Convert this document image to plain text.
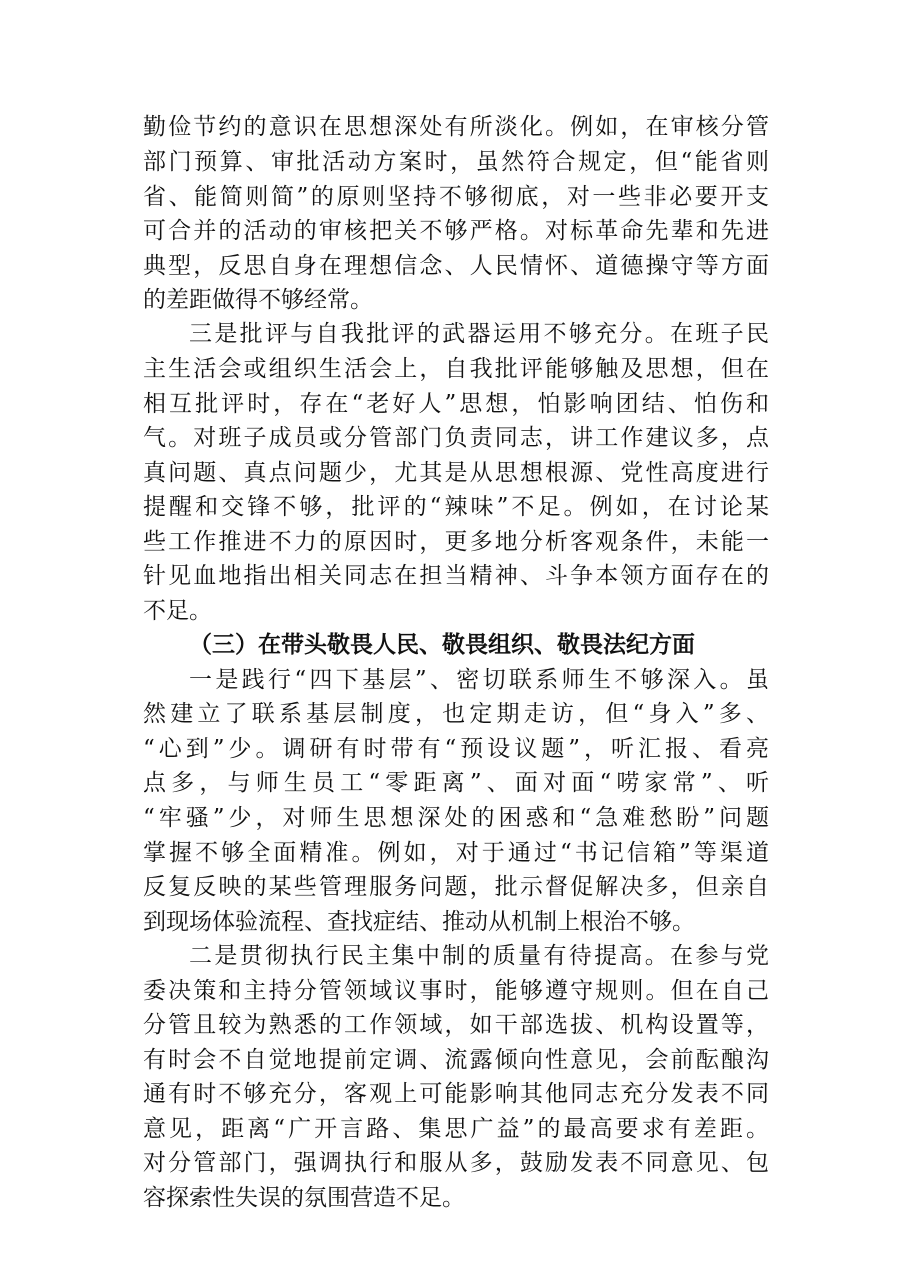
勤俭节约的意识在思想深处有所淡化。例如，在审核分管

部门预算、审批活动方案时，虽然符合规定，但“能省则

省、能简则简”的原则坚持不够彻底，对一些非必要开支

可合并的活动的审核把关不够严格。对标革命先辈和先进

典型，反思自身在理想信念、人民情怀、道德操守等方面

的差距做得不够经常。

三是批评与自我批评的武器运用不够充分。在班子民

主生活会或组织生活会上，自我批评能够触及思想，但在

相互批评时，存在“老好人”思想，怕影响团结、怕伤和

气。对班子成员或分管部门负责同志，讲工作建议多，点

真问题、真点问题少，尤其是从思想根源、党性高度进行

提醒和交锋不够，批评的“辣味”不足。例如，在讨论某

些工作推进不力的原因时，更多地分析客观条件，未能一

针见血地指出相关同志在担当精神、斗争本领方面存在的

不足。

（三）在带头敬畏人民、敬畏组织、敬畏法纪方面

一是践行“四下基层”、密切联系师生不够深入。虽

然建立了联系基层制度，也定期走访，但“身入”多、

“心到”少。调研有时带有“预设议题”，听汇报、看亮

点多，与师生员工“零距离”、面对面“唠家常”、听

“牢骚”少，对师生思想深处的困惑和“急难愁盼”问题

掌握不够全面精准。例如，对于通过“书记信箱”等渠道

反复反映的某些管理服务问题，批示督促解决多，但亲自

到现场体验流程、查找症结、推动从机制上根治不够。

二是贯彻执行民主集中制的质量有待提高。在参与党

委决策和主持分管领域议事时，能够遵守规则。但在自己

分管且较为熟悉的工作领域，如干部选拔、机构设置等，

有时会不自觉地提前定调、流露倾向性意见，会前酝酿沟

通有时不够充分，客观上可能影响其他同志充分发表不同

意见，距离“广开言路、集思广益”的最高要求有差距。

对分管部门，强调执行和服从多，鼓励发表不同意见、包

容探索性失误的氛围营造不足。
